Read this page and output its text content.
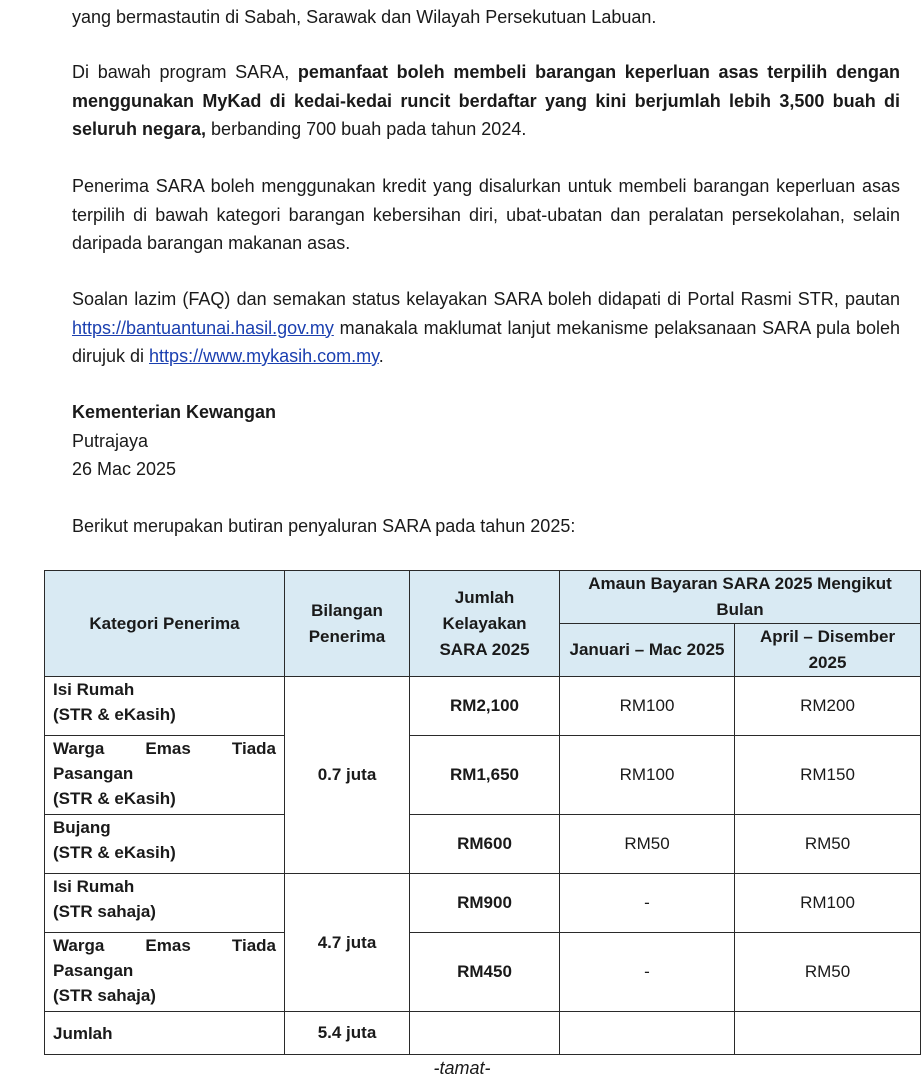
yang bermastautin di Sabah, Sarawak dan Wilayah Persekutuan Labuan.

Di bawah program SARA, pemanfaat boleh membeli barangan keperluan asas terpilih dengan menggunakan MyKad di kedai-kedai runcit berdaftar yang kini berjumlah lebih 3,500 buah di seluruh negara, berbanding 700 buah pada tahun 2024.

Penerima SARA boleh menggunakan kredit yang disalurkan untuk membeli barangan keperluan asas terpilih di bawah kategori barangan kebersihan diri, ubat-ubatan dan peralatan persekolahan, selain daripada barangan makanan asas.

Soalan lazim (FAQ) dan semakan status kelayakan SARA boleh didapati di Portal Rasmi STR, pautan https://bantuantunai.hasil.gov.my manakala maklumat lanjut mekanisme pelaksanaan SARA pula boleh dirujuk di https://www.mykasih.com.my.

Kementerian Kewangan
Putrajaya
26 Mac 2025

Berikut merupakan butiran penyaluran SARA pada tahun 2025:

Kategori Penerima	Bilangan Penerima	Jumlah Kelayakan SARA 2025	Amaun Bayaran SARA 2025 Mengikut Bulan	
			Januari – Mac 2025	April – Disember 2025

Isi Rumah
(STR & eKasih)	0.7 juta	RM2,100	RM100	RM200

Warga Emas Tiada
Pasangan
(STR & eKasih)		RM1,650	RM100	RM150

Bujang
(STR & eKasih)		RM600	RM50	RM50

Isi Rumah
(STR sahaja)	4.7 juta	RM900	-	RM100

Warga Emas Tiada
Pasangan
(STR sahaja)		RM450	-	RM50
Jumlah	5.4 juta			
-tamat-
